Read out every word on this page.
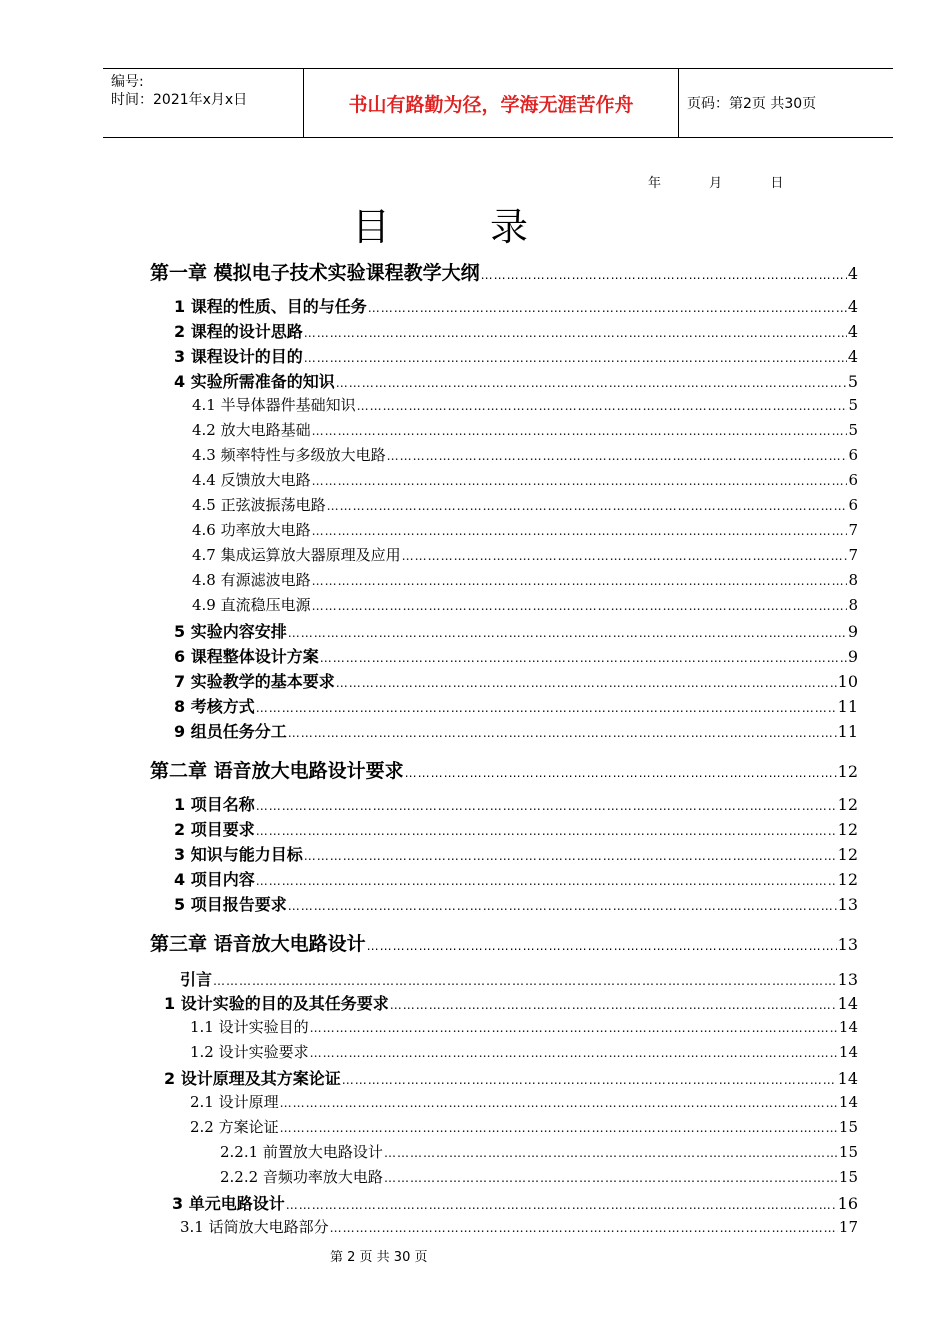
编号:
时间：2021年x月x日	书山有路勤为径，学海无涯苦作舟	页码：第2页 共30页
年	月	日
目录
第一章 模拟电子技术实验课程教学大纲 ……………………………………………………………………………………………………………………………………………………………………………………	4
1 课程的性质、目的与任务 ……………………………………………………………………………………………………………………………………………………………………………………	4
2 课程的设计思路 ……………………………………………………………………………………………………………………………………………………………………………………	4
3 课程设计的目的 ……………………………………………………………………………………………………………………………………………………………………………………	4
4 实验所需准备的知识 ……………………………………………………………………………………………………………………………………………………………………………………	5
4.1 半导体器件基础知识 ……………………………………………………………………………………………………………………………………………………………………………………	5
4.2 放大电路基础 ……………………………………………………………………………………………………………………………………………………………………………………	5
4.3 频率特性与多级放大电路 ……………………………………………………………………………………………………………………………………………………………………………………	6
4.4 反馈放大电路 ……………………………………………………………………………………………………………………………………………………………………………………	6
4.5 正弦波振荡电路 ……………………………………………………………………………………………………………………………………………………………………………………	6
4.6 功率放大电路 ……………………………………………………………………………………………………………………………………………………………………………………	7
4.7 集成运算放大器原理及应用 ……………………………………………………………………………………………………………………………………………………………………………………	7
4.8 有源滤波电路 ……………………………………………………………………………………………………………………………………………………………………………………	8
4.9 直流稳压电源 ……………………………………………………………………………………………………………………………………………………………………………………	8
5 实验内容安排 ……………………………………………………………………………………………………………………………………………………………………………………	9
6 课程整体设计方案 ……………………………………………………………………………………………………………………………………………………………………………………	9
7 实验教学的基本要求 ……………………………………………………………………………………………………………………………………………………………………………………	10
8 考核方式 ……………………………………………………………………………………………………………………………………………………………………………………	11
9 组员任务分工 ……………………………………………………………………………………………………………………………………………………………………………………	11
第二章 语音放大电路设计要求 ……………………………………………………………………………………………………………………………………………………………………………………	12
1 项目名称 ……………………………………………………………………………………………………………………………………………………………………………………	12
2 项目要求 ……………………………………………………………………………………………………………………………………………………………………………………	12
3 知识与能力目标 ……………………………………………………………………………………………………………………………………………………………………………………	12
4 项目内容 ……………………………………………………………………………………………………………………………………………………………………………………	12
5 项目报告要求 ……………………………………………………………………………………………………………………………………………………………………………………	13
第三章 语音放大电路设计 ……………………………………………………………………………………………………………………………………………………………………………………	13
引言 ……………………………………………………………………………………………………………………………………………………………………………………	13
1 设计实验的目的及其任务要求 ……………………………………………………………………………………………………………………………………………………………………………………	14
1.1 设计实验目的 ……………………………………………………………………………………………………………………………………………………………………………………	14
1.2 设计实验要求 ……………………………………………………………………………………………………………………………………………………………………………………	14
2 设计原理及其方案论证 ……………………………………………………………………………………………………………………………………………………………………………………	14
2.1 设计原理 ……………………………………………………………………………………………………………………………………………………………………………………	14
2.2 方案论证 ……………………………………………………………………………………………………………………………………………………………………………………	15
2.2.1 前置放大电路设计 ……………………………………………………………………………………………………………………………………………………………………………………	15
2.2.2 音频功率放大电路 ……………………………………………………………………………………………………………………………………………………………………………………	15
3 单元电路设计 ……………………………………………………………………………………………………………………………………………………………………………………	16
3.1 话筒放大电路部分 ……………………………………………………………………………………………………………………………………………………………………………………	17
第 2 页 共 30 页
